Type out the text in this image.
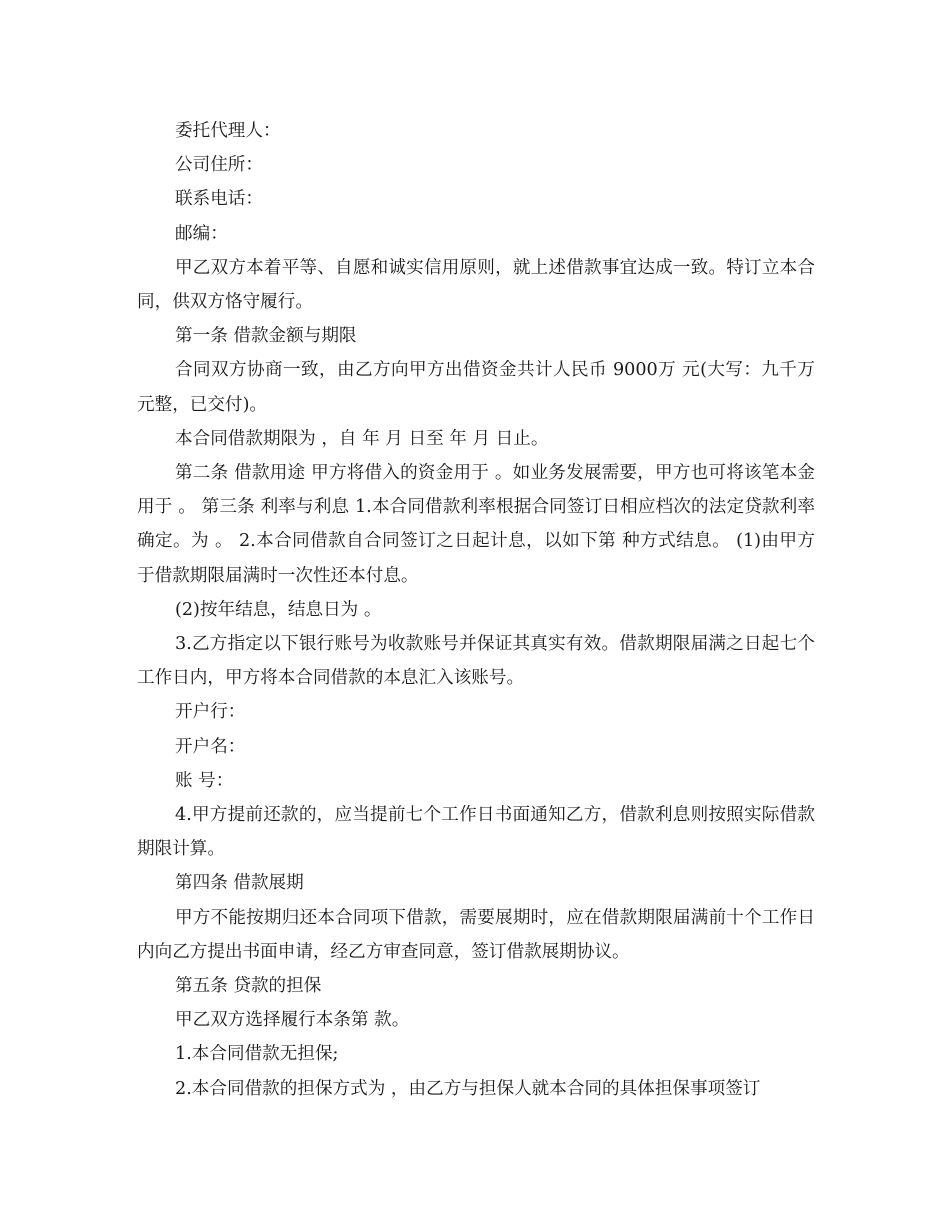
委托代理人：

公司住所：

联系电话：

邮编：

甲乙双方本着平等、自愿和诚实信用原则，就上述借款事宜达成一致。特订立本合同，供双方恪守履行。

第一条 借款金额与期限

合同双方协商一致，由乙方向甲方出借资金共计人民币 9000万 元(大写：九千万元整，已交付)。

本合同借款期限为 ，自 年 月 日至 年 月 日止。

第二条 借款用途 甲方将借入的资金用于 。如业务发展需要，甲方也可将该笔本金用于 。 第三条 利率与利息 1.本合同借款利率根据合同签订日相应档次的法定贷款利率确定。为 。 2.本合同借款自合同签订之日起计息，以如下第 种方式结息。 (1)由甲方于借款期限届满时一次性还本付息。

(2)按年结息，结息日为 。

3.乙方指定以下银行账号为收款账号并保证其真实有效。借款期限届满之日起七个工作日内，甲方将本合同借款的本息汇入该账号。

开户行：

开户名：

账 号：

4.甲方提前还款的，应当提前七个工作日书面通知乙方，借款利息则按照实际借款期限计算。

第四条 借款展期

甲方不能按期归还本合同项下借款，需要展期时，应在借款期限届满前十个工作日内向乙方提出书面申请，经乙方审查同意，签订借款展期协议。

第五条 贷款的担保

甲乙双方选择履行本条第 款。

1.本合同借款无担保;

2.本合同借款的担保方式为 ，由乙方与担保人就本合同的具体担保事项签订
